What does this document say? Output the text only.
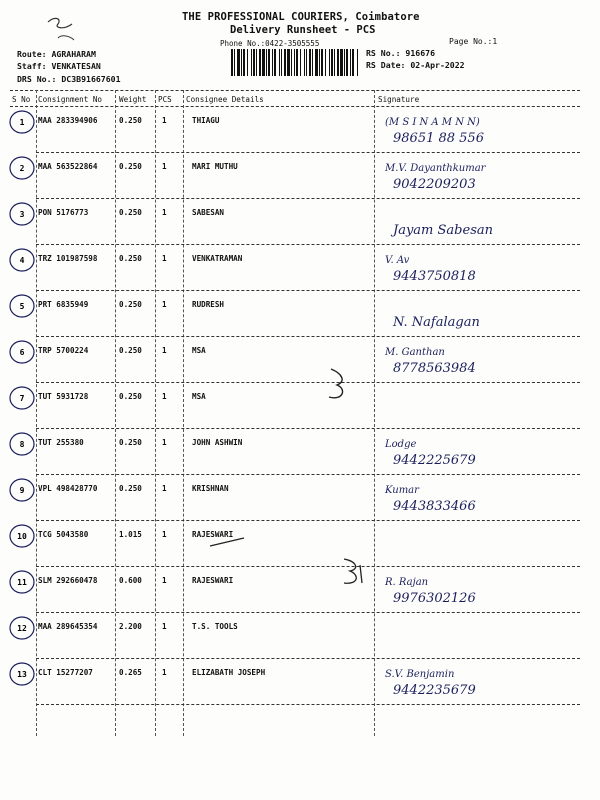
THE PROFESSIONAL COURIERS, Coimbatore
Delivery Runsheet - PCS
Phone No.:0422-3505555	Page No.:1
Route: AGRAHARAM
Staff: VENKATESAN
DRS No.: DC3B91667601
RS No.: 916676
RS Date: 02-Apr-2022
S No Consignment No Weight PCS Consignee Details	Signature
1 MAA 283394906	0.250	1	THIAGU	(M S I N A M N N)
98651 88 556
2 MAA 563522864	0.250	1	MARI MUTHU	M.V. Dayanthkumar
9042209203
3 PON 5176773	0.250	1	SABESAN
Jayam Sabesan
4 TRZ 101987598	0.250	1	VENKATRAMAN	V. Av
9443750818
5 PRT 6835949	0.250	1	RUDRESH
N. Nafalagan
6 TRP 5700224	0.250	1	MSA	M. Ganthan
8778563984
7 TUT 5931728	0.250	1	MSA
8 TUT 255380	0.250	1	JOHN ASHWIN	Lodge
9442225679
9 VPL 498428770	0.250	1	KRISHNAN	Kumar
9443833466
10 TCG 5043580	1.015	1	RAJESWARI
11 SLM 292660478	0.600	1	RAJESWARI	R. Rajan
9976302126
12 MAA 289645354	2.200	1	T.S. TOOLS
13 CLT 15277207	0.265	1	ELIZABATH JOSEPH	S.V. Benjamin
9442235679
